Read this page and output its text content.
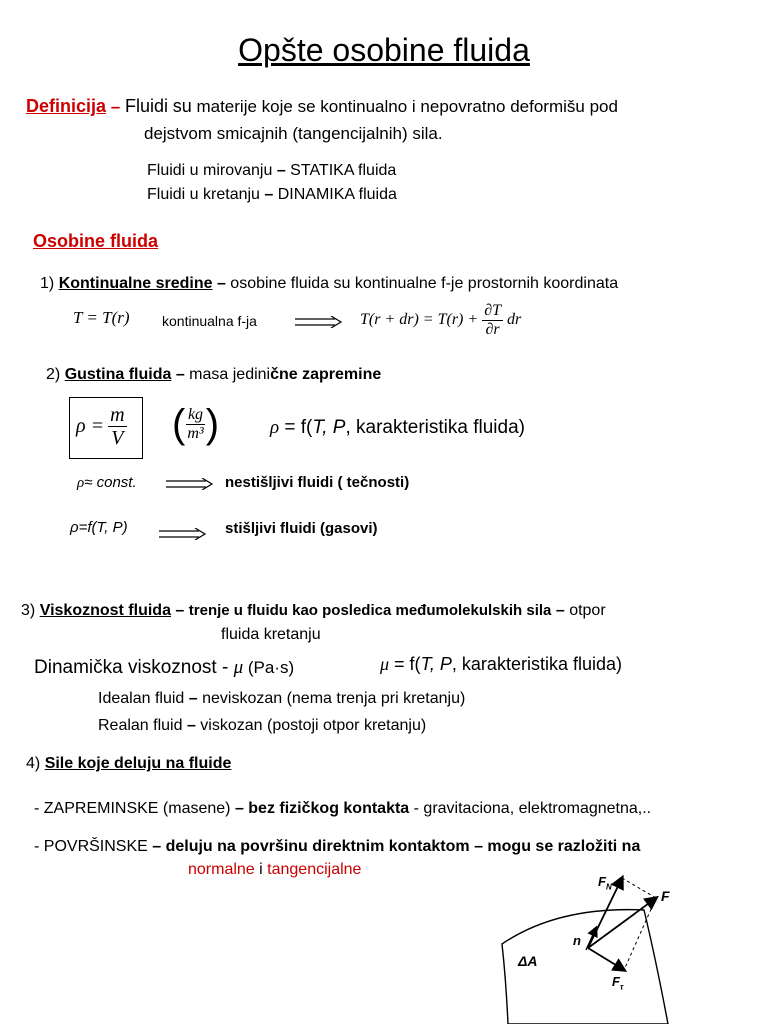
Opšte osobine fluida
Definicija – Fluidi su materije koje se kontinualno i nepovratno deformišu pod
dejstvom smicajnih (tangencijalnih) sila.
Fluidi u mirovanju – STATIKA fluida
Fluidi u kretanju – DINAMIKA fluida
Osobine fluida
1) Kontinualne sredine – osobine fluida su kontinualne f-je prostornih koordinata
T = T(r) kontinualna f-ja	$T(r + dr) = T(r) + \frac{\partial T}{\partial r}$ dr
2) Gustina fluida – masa jedinične zapremine
$\rho = \frac{m}{V}$ ( $\frac{kg}{\text{m³}}$ )	ρ = f(T, P, karakteristika fluida)
ρ≈ const.	nestišljivi fluidi ( tečnosti)
ρ=f(T, P)	stišljivi fluidi (gasovi)
3) Viskoznost fluida – trenje u fluidu kao posledica međumolekulskih sila – otpor
fluida kretanju
Dinamička viskoznost - μ (Pa·s)	μ = f(T, P, karakteristika fluida)
Idealan fluid – neviskozan (nema trenja pri kretanju)
Realan fluid – viskozan (postoji otpor kretanju)
4) Sile koje deluju na fluide
- ZAPREMINSKE (masene) – bez fizičkog kontakta - gravitaciona, elektromagnetna,..
- POVRŠINSKE – deluju na površinu direktnim kontaktom – mogu se razložiti na
normalne i tangencijalne
$F_N$
F
n
$F_\tau$
ΔA
